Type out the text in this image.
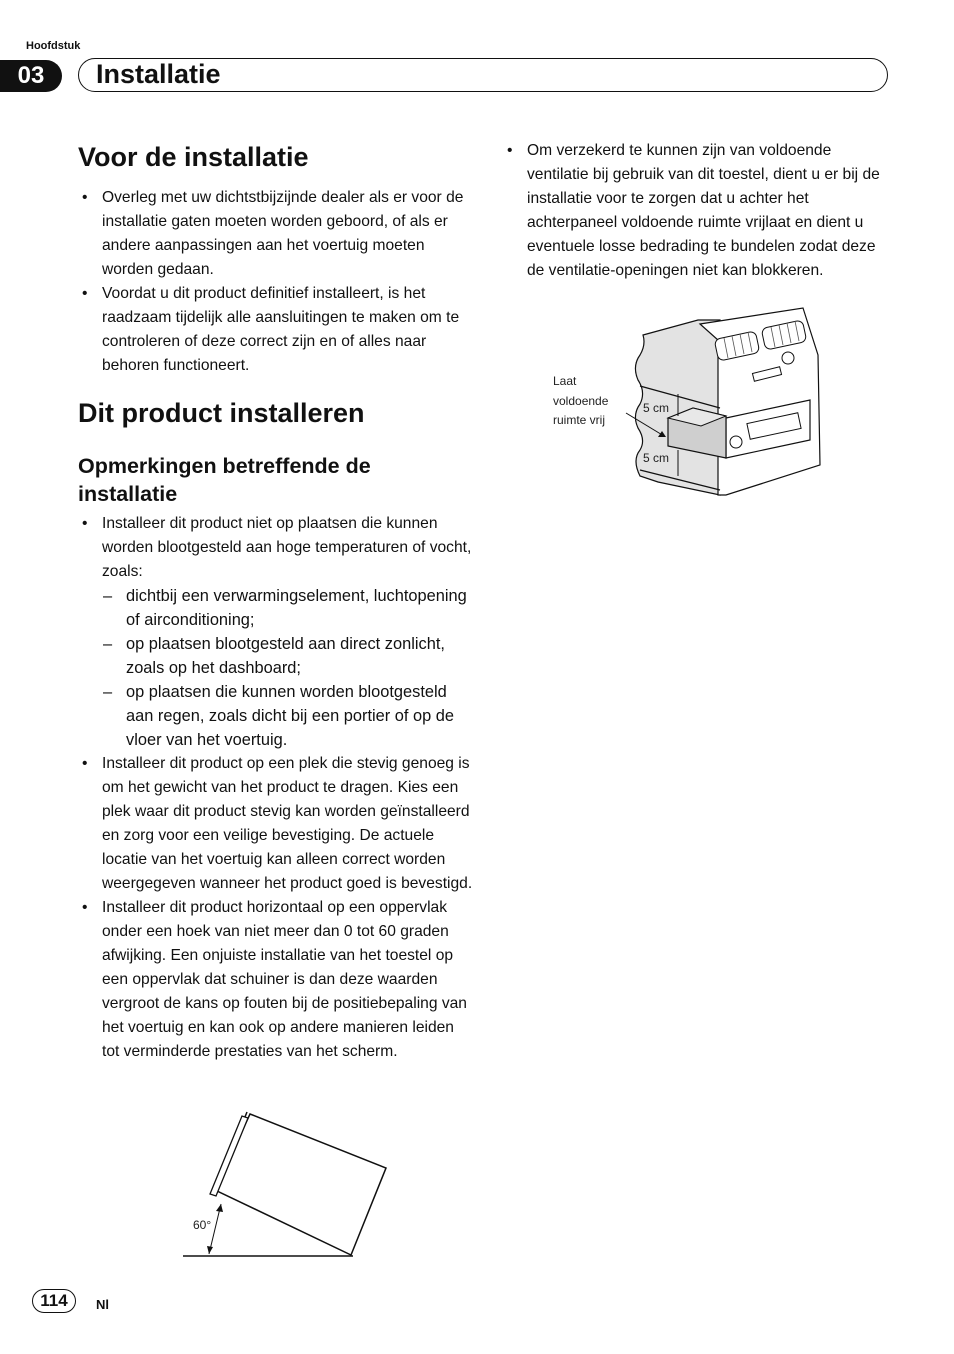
Hoofdstuk
03	Installatie
Voor de installatie
• Overleg met uw dichtstbijzijnde dealer als er voor de installatie gaten moeten worden geboord, of als er andere aanpassingen aan het voertuig moeten worden gedaan.
• Voordat u dit product definitief installeert, is het raadzaam tijdelijk alle aansluitingen te maken om te controleren of deze correct zijn en of alles naar behoren functioneert.
Dit product installeren
Opmerkingen betreffende de installatie
• Installeer dit product niet op plaatsen die kunnen worden blootgesteld aan hoge temperaturen of vocht, zoals:
– dichtbij een verwarmingselement, luchtopening of airconditioning;
– op plaatsen blootgesteld aan direct zonlicht, zoals op het dashboard;
– op plaatsen die kunnen worden blootgesteld aan regen, zoals dicht bij een portier of op de vloer van het voertuig.
• Installeer dit product op een plek die stevig genoeg is om het gewicht van het product te dragen. Kies een plek waar dit product stevig kan worden geïnstalleerd en zorg voor een veilige bevestiging. De actuele locatie van het voertuig kan alleen correct worden weergegeven wanneer het product goed is bevestigd.
• Installeer dit product horizontaal op een oppervlak onder een hoek van niet meer dan 0 tot 60 graden afwijking. Een onjuiste installatie van het toestel op een oppervlak dat schuiner is dan deze waarden vergroot de kans op fouten bij de positiebepaling van het voertuig en kan ook op andere manieren leiden tot verminderde prestaties van het scherm.
60°
• Om verzekerd te kunnen zijn van voldoende ventilatie bij gebruik van dit toestel, dient u er bij de installatie voor te zorgen dat u achter het achterpaneel voldoende ruimte vrijlaat en dient u eventuele losse bedrading te bundelen zodat deze de ventilatie-openingen niet kan blokkeren.
5 cm
5 cm
Laat
voldoende
ruimte vrij
114	Nl
